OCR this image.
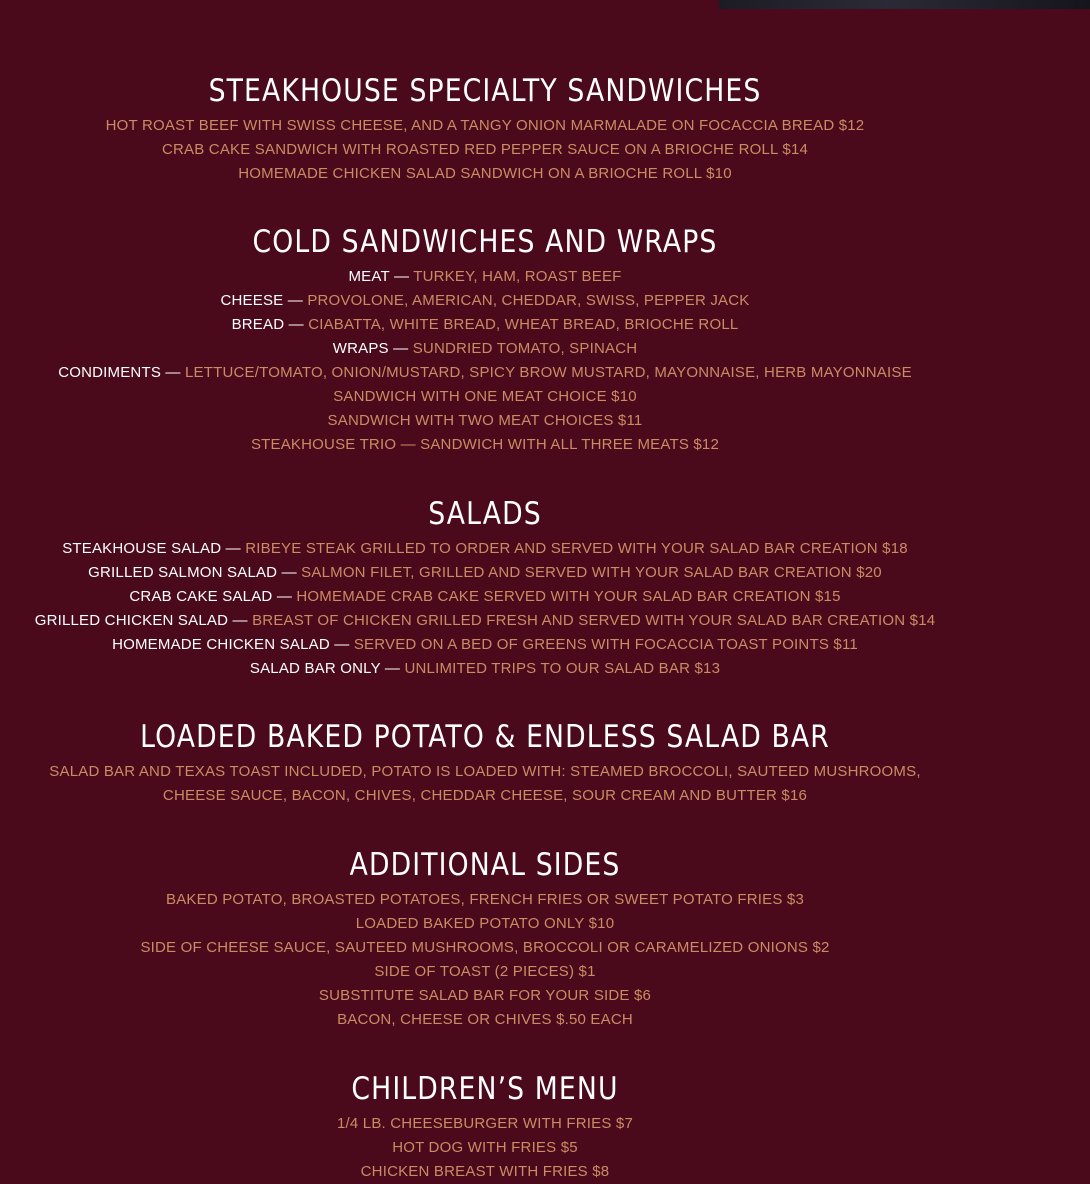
STEAKHOUSE SPECIALTY SANDWICHES
HOT ROAST BEEF WITH SWISS CHEESE, AND A TANGY ONION MARMALADE ON FOCACCIA BREAD $12
CRAB CAKE SANDWICH WITH ROASTED RED PEPPER SAUCE ON A BRIOCHE ROLL $14
HOMEMADE CHICKEN SALAD SANDWICH ON A BRIOCHE ROLL $10
COLD SANDWICHES AND WRAPS
MEAT — TURKEY, HAM, ROAST BEEF
CHEESE — PROVOLONE, AMERICAN, CHEDDAR, SWISS, PEPPER JACK
BREAD — CIABATTA, WHITE BREAD, WHEAT BREAD, BRIOCHE ROLL
WRAPS — SUNDRIED TOMATO, SPINACH
CONDIMENTS — LETTUCE/TOMATO, ONION/MUSTARD, SPICY BROW MUSTARD, MAYONNAISE, HERB MAYONNAISE
SANDWICH WITH ONE MEAT CHOICE $10
SANDWICH WITH TWO MEAT CHOICES $11
STEAKHOUSE TRIO — SANDWICH WITH ALL THREE MEATS $12
SALADS
STEAKHOUSE SALAD — RIBEYE STEAK GRILLED TO ORDER AND SERVED WITH YOUR SALAD BAR CREATION $18
GRILLED SALMON SALAD — SALMON FILET, GRILLED AND SERVED WITH YOUR SALAD BAR CREATION $20
CRAB CAKE SALAD — HOMEMADE CRAB CAKE SERVED WITH YOUR SALAD BAR CREATION $15
GRILLED CHICKEN SALAD — BREAST OF CHICKEN GRILLED FRESH AND SERVED WITH YOUR SALAD BAR CREATION $14
HOMEMADE CHICKEN SALAD — SERVED ON A BED OF GREENS WITH FOCACCIA TOAST POINTS $11
SALAD BAR ONLY — UNLIMITED TRIPS TO OUR SALAD BAR $13
LOADED BAKED POTATO & ENDLESS SALAD BAR
SALAD BAR AND TEXAS TOAST INCLUDED, POTATO IS LOADED WITH: STEAMED BROCCOLI, SAUTEED MUSHROOMS, CHEESE SAUCE, BACON, CHIVES, CHEDDAR CHEESE, SOUR CREAM AND BUTTER $16
ADDITIONAL SIDES
BAKED POTATO, BROASTED POTATOES, FRENCH FRIES OR SWEET POTATO FRIES $3
LOADED BAKED POTATO ONLY $10
SIDE OF CHEESE SAUCE, SAUTEED MUSHROOMS, BROCCOLI OR CARAMELIZED ONIONS $2
SIDE OF TOAST (2 PIECES) $1
SUBSTITUTE SALAD BAR FOR YOUR SIDE $6
BACON, CHEESE OR CHIVES $.50 EACH
CHILDREN’S MENU
1/4 LB. CHEESEBURGER WITH FRIES $7
HOT DOG WITH FRIES $5
CHICKEN BREAST WITH FRIES $8
